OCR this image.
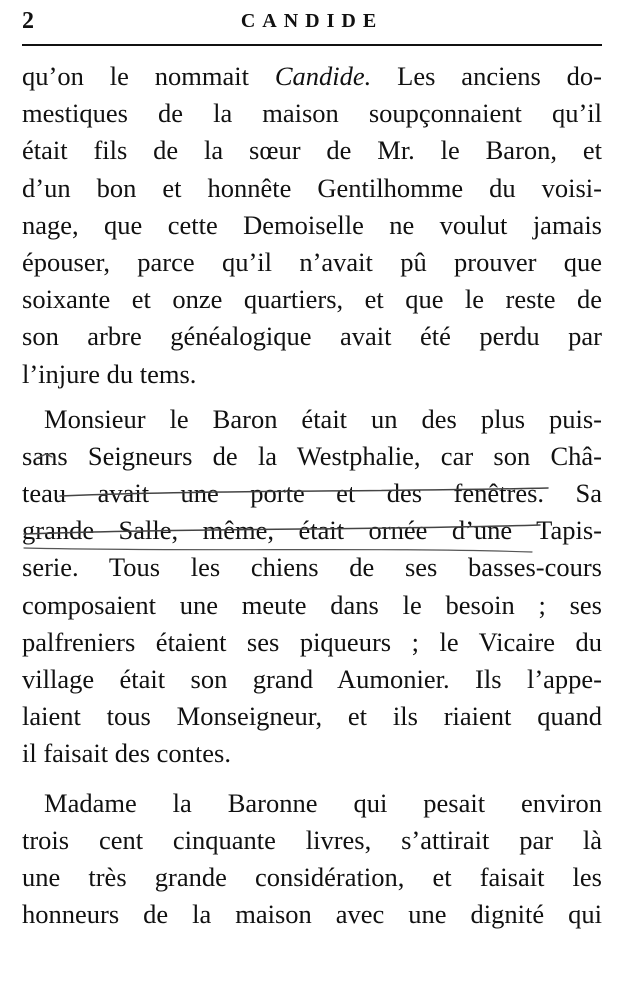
2	CANDIDE
qu’on le nommait Candide. Les anciens do-
mestiques de la maison soupçonnaient qu’il
était fils de la sœur de Mr. le Baron, et
d’un bon et honnête Gentilhomme du voisi-
nage, que cette Demoiselle ne voulut jamais
épouser, parce qu’il n’avait pû prouver que
soixante et onze quartiers, et que le reste de
son arbre généalogique avait été perdu par
l’injure du tems.
Monsieur le Baron était un des plus puis-
sans Seigneurs de la Westphalie, car son Châ-
teau avait une porte et des fenêtres. Sa
grande Salle, même, était ornée d’une Tapis-
serie. Tous les chiens de ses basses-cours
composaient une meute dans le besoin ; ses
palfreniers étaient ses piqueurs ; le Vicaire du
village était son grand Aumonier. Ils l’appe-
laient tous Monseigneur, et ils riaient quand
il faisait des contes.
Madame la Baronne qui pesait environ
trois cent cinquante livres, s’attirait par là
une très grande considération, et faisait les
honneurs de la maison avec une dignité qui
